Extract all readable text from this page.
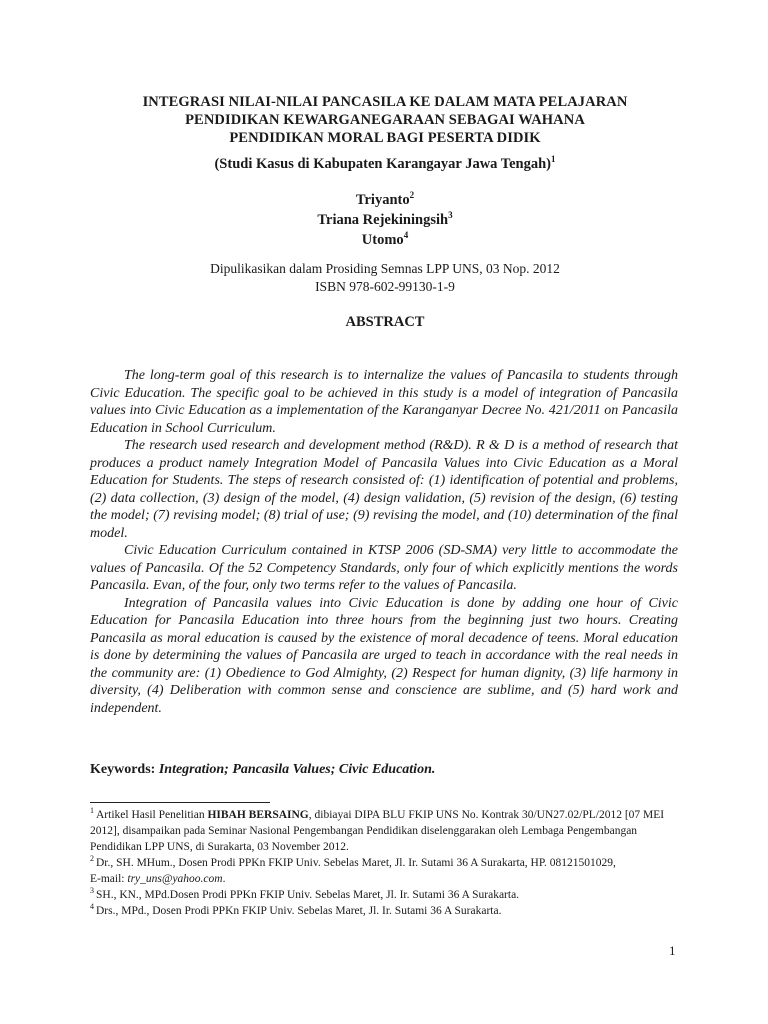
INTEGRASI NILAI-NILAI PANCASILA KE DALAM MATA PELAJARAN
PENDIDIKAN KEWARGANEGARAAN SEBAGAI WAHANA
PENDIDIKAN MORAL BAGI PESERTA DIDIK
(Studi Kasus di Kabupaten Karangayar Jawa Tengah)$^1$
Triyanto$^2$
Triana Rejekiningsih$^3$
Utomo$^4$
Dipulikasikan dalam Prosiding Semnas LPP UNS, 03 Nop. 2012
ISBN 978-602-99130-1-9
ABSTRACT

The long-term goal of this research is to internalize the values of Pancasila to students through Civic Education. The specific goal to be achieved in this study is a model of integration of Pancasila values into Civic Education as a implementation of the Karanganyar Decree No. 421/2011 on Pancasila Education in School Curriculum.

The research used research and development method (R&D). R & D is a method of research that produces a product namely Integration Model of Pancasila Values into Civic Education as a Moral Education for Students. The steps of research consisted of: (1) identification of potential and problems, (2) data collection, (3) design of the model, (4) design validation, (5) revision of the design, (6) testing the model; (7) revising model; (8) trial of use; (9) revising the model, and (10) determination of the final model.

Civic Education Curriculum contained in KTSP 2006 (SD-SMA) very little to accommodate the values of Pancasila. Of the 52 Competency Standards, only four of which explicitly mentions the words Pancasila. Evan, of the four, only two terms refer to the values of Pancasila.

Integration of Pancasila values into Civic Education is done by adding one hour of Civic Education for Pancasila Education into three hours from the beginning just two hours. Creating Pancasila as moral education is caused by the existence of moral decadence of teens. Moral education is done by determining the values of Pancasila are urged to teach in accordance with the real needs in the community are: (1) Obedience to God Almighty, (2) Respect for human dignity, (3) life harmony in diversity, (4) Deliberation with common sense and conscience are sublime, and (5) hard work and independent.

Keywords: Integration; Pancasila Values; Civic Education.

$^1$ Artikel Hasil Penelitian HIBAH BERSAING, dibiayai DIPA BLU FKIP UNS No. Kontrak 30/UN27.02/PL/2012 [07 MEI 2012], disampaikan pada Seminar Nasional Pengembangan Pendidikan diselenggarakan oleh Lembaga Pengembangan Pendidikan LPP UNS, di Surakarta, 03 November 2012.

$^2$ Dr., SH. MHum., Dosen Prodi PPKn FKIP Univ. Sebelas Maret, Jl. Ir. Sutami 36 A Surakarta, HP. 08121501029,
E-mail: try_uns@yahoo.com.

$^3$ SH., KN., MPd.Dosen Prodi PPKn FKIP Univ. Sebelas Maret, Jl. Ir. Sutami 36 A Surakarta.

$^4$ Drs., MPd., Dosen Prodi PPKn FKIP Univ. Sebelas Maret, Jl. Ir. Sutami 36 A Surakarta.

1
